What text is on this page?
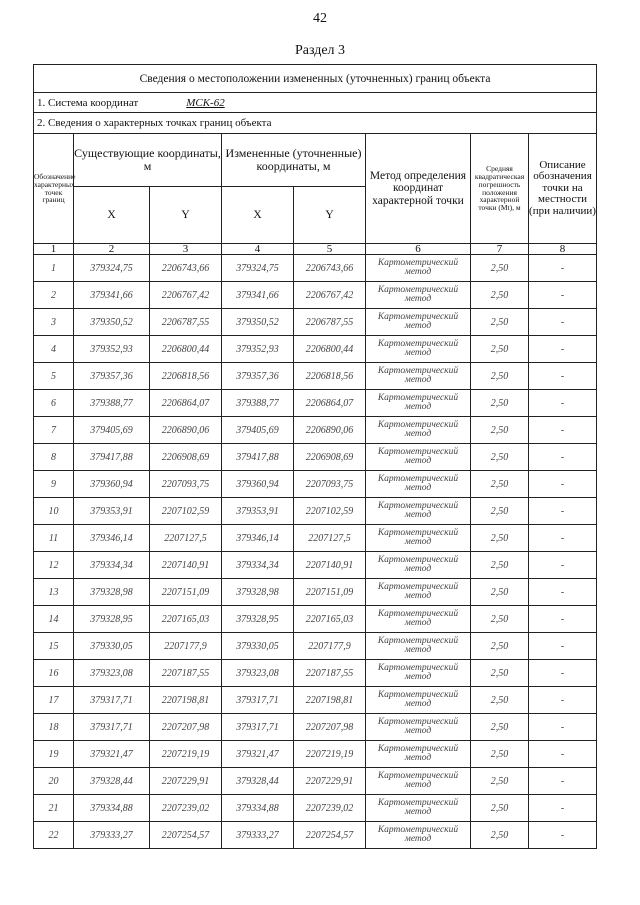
42
Раздел 3
Сведения о местоположении измененных (уточненных) границ объекта							
1. Система координат МСК-62							
2. Сведения о характерных точках границ объекта							
Обозначение характерных точек границ	Существующие координаты, м		Измененные (уточненные) координаты, м		Метод определения координат характерной точки	Средняя квадратическая погрешность положения характерной точки (Mt), м	Описание обозначения точки на местности (при наличии)
	X	Y	X	Y			
1	2	3	4	5	6	7	8
1	379324,75	2206743,66	379324,75	2206743,66	Картометрический метод	2,50	-
2	379341,66	2206767,42	379341,66	2206767,42	Картометрический метод	2,50	-
3	379350,52	2206787,55	379350,52	2206787,55	Картометрический метод	2,50	-
4	379352,93	2206800,44	379352,93	2206800,44	Картометрический метод	2,50	-
5	379357,36	2206818,56	379357,36	2206818,56	Картометрический метод	2,50	-
6	379388,77	2206864,07	379388,77	2206864,07	Картометрический метод	2,50	-
7	379405,69	2206890,06	379405,69	2206890,06	Картометрический метод	2,50	-
8	379417,88	2206908,69	379417,88	2206908,69	Картометрический метод	2,50	-
9	379360,94	2207093,75	379360,94	2207093,75	Картометрический метод	2,50	-
10	379353,91	2207102,59	379353,91	2207102,59	Картометрический метод	2,50	-
11	379346,14	2207127,5	379346,14	2207127,5	Картометрический метод	2,50	-
12	379334,34	2207140,91	379334,34	2207140,91	Картометрический метод	2,50	-
13	379328,98	2207151,09	379328,98	2207151,09	Картометрический метод	2,50	-
14	379328,95	2207165,03	379328,95	2207165,03	Картометрический метод	2,50	-
15	379330,05	2207177,9	379330,05	2207177,9	Картометрический метод	2,50	-
16	379323,08	2207187,55	379323,08	2207187,55	Картометрический метод	2,50	-
17	379317,71	2207198,81	379317,71	2207198,81	Картометрический метод	2,50	-
18	379317,71	2207207,98	379317,71	2207207,98	Картометрический метод	2,50	-
19	379321,47	2207219,19	379321,47	2207219,19	Картометрический метод	2,50	-
20	379328,44	2207229,91	379328,44	2207229,91	Картометрический метод	2,50	-
21	379334,88	2207239,02	379334,88	2207239,02	Картометрический метод	2,50	-
22	379333,27	2207254,57	379333,27	2207254,57	Картометрический метод	2,50	-
